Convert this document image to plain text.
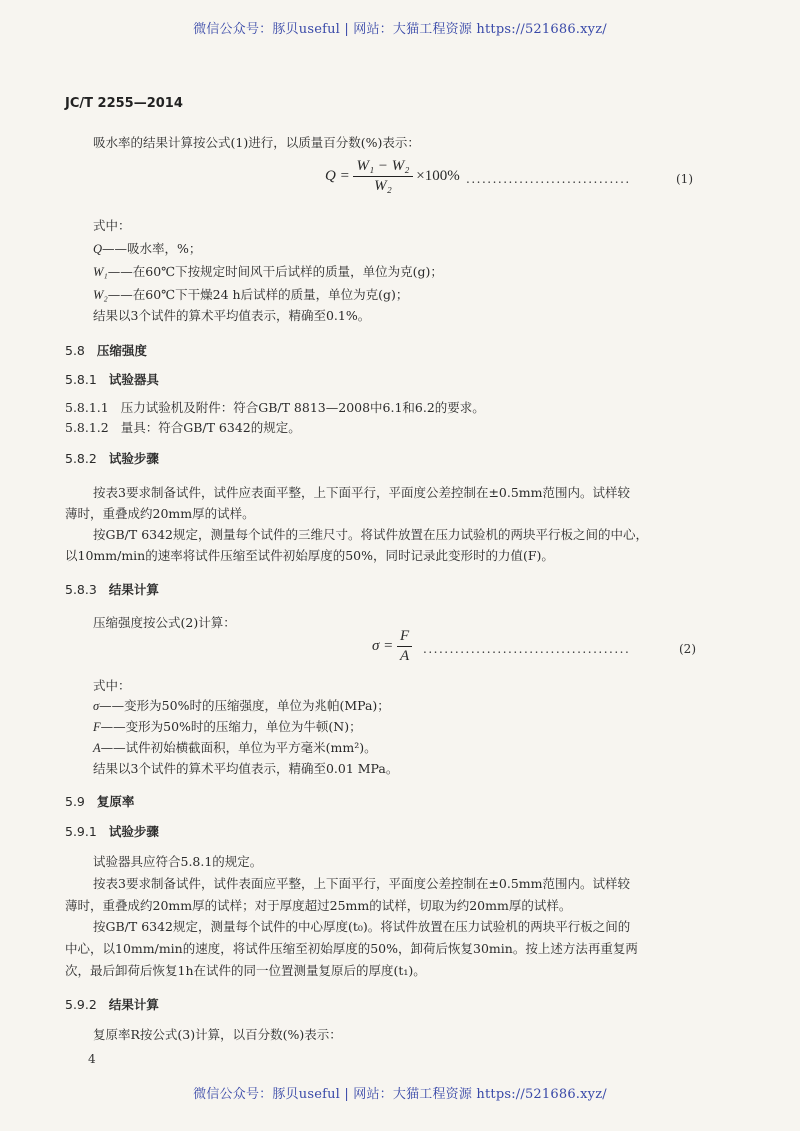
微信公众号：豚贝useful | 网站：大猫工程资源 https://521686.xyz/
JC/T 2255—2014
吸水率的结果计算按公式(1)进行，以质量百分数(%)表示：
$Q = \frac{\text{W₁ − W₂}}{\text{W₂}} \times 100\%$ ...............................	(1)
式中：
Q——吸水率，%；
W₁——在60℃下按规定时间风干后试样的质量，单位为克(g)；
W₂——在60℃下干燥24 h后试样的质量，单位为克(g)；
结果以3个试件的算术平均值表示，精确至0.1%。
5.8 压缩强度
5.8.1 试验器具
5.8.1.1 压力试验机及附件：符合GB/T 8813—2008中6.1和6.2的要求。
5.8.1.2 量具：符合GB/T 6342的规定。
5.8.2 试验步骤
按表3要求制备试件，试件应表面平整，上下面平行，平面度公差控制在±0.5mm范围内。试样较
薄时，重叠成约20mm厚的试样。
按GB/T 6342规定，测量每个试件的三维尺寸。将试件放置在压力试验机的两块平行板之间的中心，
以10mm/min的速率将试件压缩至试件初始厚度的50%，同时记录此变形时的力值(F)。
5.8.3 结果计算
压缩强度按公式(2)计算：
$\sigma = \frac{F}{A}$ .......................................	(2)
式中：
σ——变形为50%时的压缩强度，单位为兆帕(MPa)；
F——变形为50%时的压缩力，单位为牛顿(N)；
A——试件初始横截面积，单位为平方毫米(mm²)。
结果以3个试件的算术平均值表示，精确至0.01 MPa。
5.9 复原率
5.9.1 试验步骤
试验器具应符合5.8.1的规定。
按表3要求制备试件，试件表面应平整，上下面平行，平面度公差控制在±0.5mm范围内。试样较
薄时，重叠成约20mm厚的试样；对于厚度超过25mm的试样，切取为约20mm厚的试样。
按GB/T 6342规定，测量每个试件的中心厚度(t₀)。将试件放置在压力试验机的两块平行板之间的
中心，以10mm/min的速度，将试件压缩至初始厚度的50%，卸荷后恢复30min。按上述方法再重复两
次，最后卸荷后恢复1h在试件的同一位置测量复原后的厚度(t₁)。
5.9.2 结果计算
复原率R按公式(3)计算，以百分数(%)表示：
4
微信公众号：豚贝useful | 网站：大猫工程资源 https://521686.xyz/
